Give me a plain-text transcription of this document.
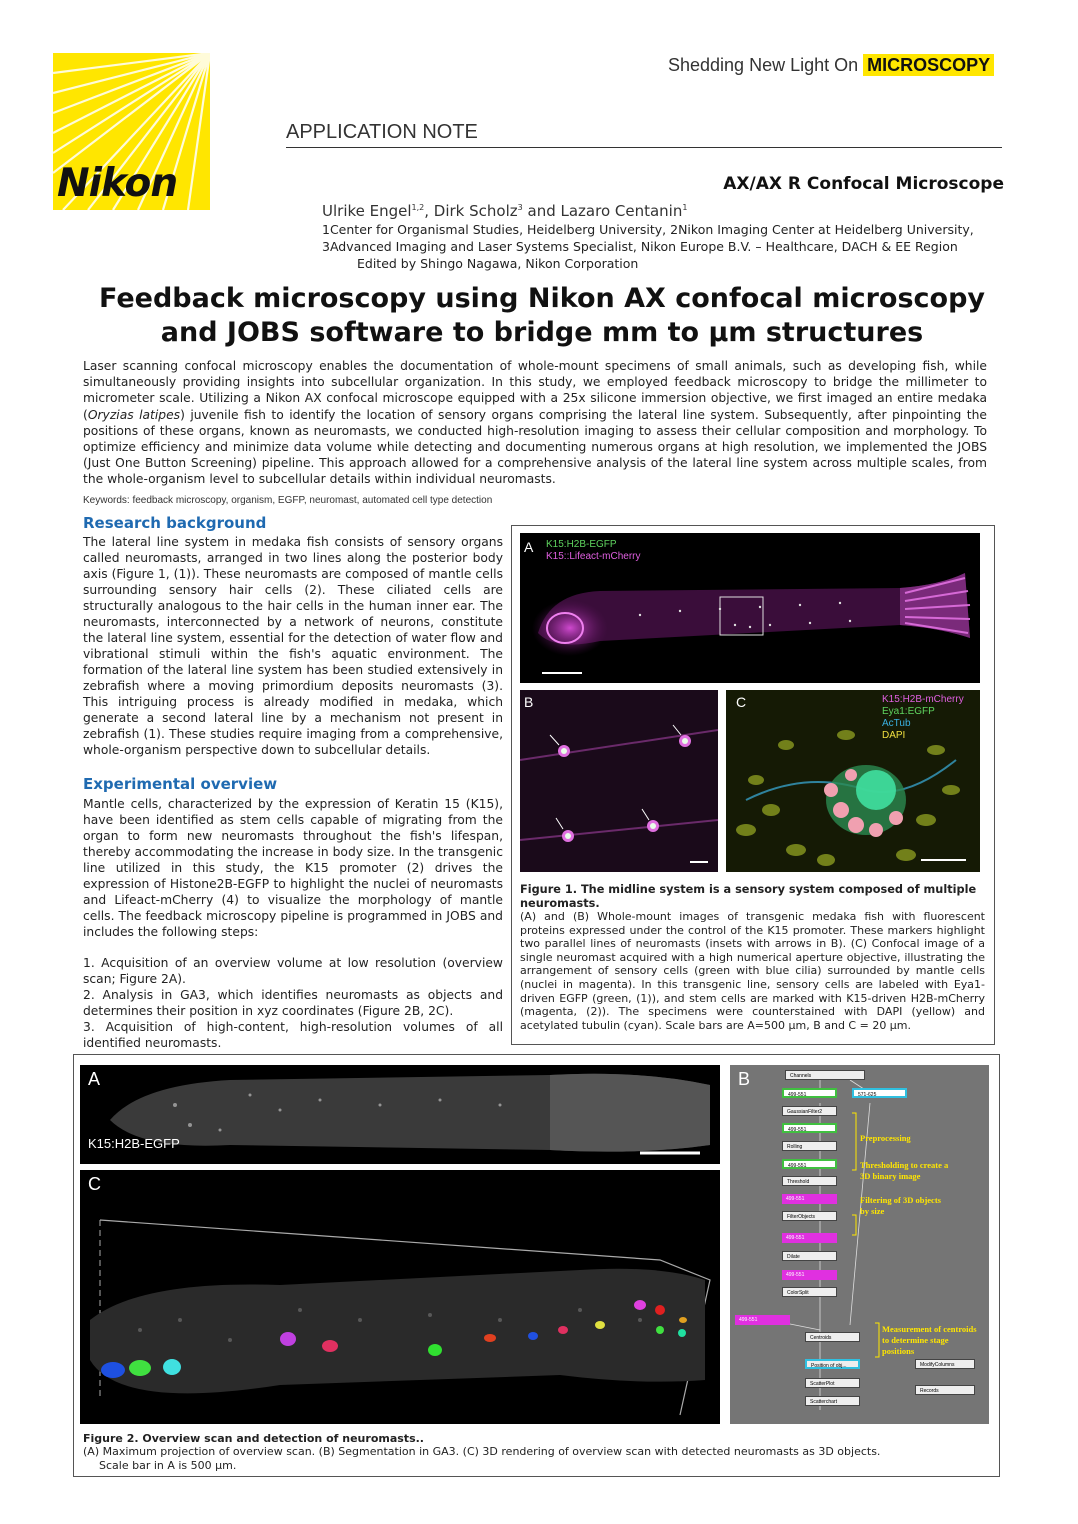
Nikon
Shedding New Light On MICROSCOPY
APPLICATION NOTE
AX/AX R Confocal Microscope
Ulrike Engel$^{1,2}$, Dirk Scholz$^3$ and Lazaro Centanin$^1$
1Center for Organismal Studies, Heidelberg University, 2Nikon Imaging Center at Heidelberg University,
3Advanced Imaging and Laser Systems Specialist, Nikon Europe B.V. – Healthcare, DACH & EE Region
Edited by Shingo Nagawa, Nikon Corporation
Feedback microscopy using Nikon AX confocal microscopy
and JOBS software to bridge mm to µm structures
Laser scanning confocal microscopy enables the documentation of whole-mount specimens of small animals, such as developing fish, while simultaneously providing insights into subcellular organization. In this study, we employed feedback microscopy to bridge the millimeter to micrometer scale. Utilizing a Nikon AX confocal microscope equipped with a 25x silicone immersion objective, we first imaged an entire medaka (Oryzias latipes) juvenile fish to identify the location of sensory organs comprising the lateral line system. Subsequently, after pinpointing the positions of these organs, known as neuromasts, we conducted high-resolution imaging to assess their cellular composition and morphology. To optimize efficiency and minimize data volume while detecting and documenting numerous organs at high resolution, we implemented the JOBS (Just One Button Screening) pipeline. This approach allowed for a comprehensive analysis of the lateral line system across multiple scales, from the whole-organism level to subcellular details within individual neuromasts.
Keywords: feedback microscopy, organism, EGFP, neuromast, automated cell type detection
Research background
The lateral line system in medaka fish consists of sensory organs called neuromasts, arranged in two lines along the posterior body axis (Figure 1, (1)). These neuromasts are composed of mantle cells surrounding sensory hair cells (2). These ciliated cells are structurally analogous to the hair cells in the human inner ear. The neuromasts, interconnected by a network of neurons, constitute the lateral line system, essential for the detection of water flow and vibrational stimuli within the fish's aquatic environment. The formation of the lateral line system has been studied extensively in zebrafish where a moving primordium deposits neuromasts (3). This intriguing process is already modified in medaka, which generate a second lateral line by a mechanism not present in zebrafish (1). These studies require imaging from a comprehensive, whole-organism perspective down to subcellular details.
Experimental overview
Mantle cells, characterized by the expression of Keratin 15 (K15), have been identified as stem cells capable of migrating from the organ to form new neuromasts throughout the fish's lifespan, thereby accommodating the increase in body size. In the transgenic line utilized in this study, the K15 promoter (2) drives the expression of Histone2B-EGFP to highlight the nuclei of neuromasts and Lifeact-mCherry (4) to visualize the morphology of mantle cells. The feedback microscopy pipeline is programmed in JOBS and includes the following steps:
1. Acquisition of an overview volume at low resolution (overview scan; Figure 2A).
2. Analysis in GA3, which identifies neuromasts as objects and determines their position in xyz coordinates (Figure 2B, 2C).
3. Acquisition of high-content, high-resolution volumes of all identified neuromasts.
A K15:H2B-EGFP
K15::Lifeact-mCherry
B	C	K15:H2B-mCherry
Eya1:EGFP
AcTub
DAPI
Figure 1. The midline system is a sensory system composed of multiple neuromasts.
(A) and (B) Whole-mount images of transgenic medaka fish with fluorescent proteins expressed under the control of the K15 promoter. These markers highlight two parallel lines of neuromasts (insets with arrows in B). (C) Confocal image of a single neuromast acquired with a high numerical aperture objective, illustrating the arrangement of sensory cells (green with blue cilia) surrounded by mantle cells (nuclei in magenta). In this transgenic line, sensory cells are labeled with Eya1-driven EGFP (green, (1)), and stem cells are marked with K15-driven H2B-mCherry (magenta, (2)). The specimens were counterstained with DAPI (yellow) and acetylated tubulin (cyan). Scale bars are A=500 µm, B and C = 20 µm.
A
K15:H2B-EGFP
C
B	Channels
499-551	571-625
GaussianFilter2
499-551
Rolling
499-551
Threshold
499-551
FilterObjects
499-551
Dilate
499-551
ColorSplit
499-551
Centroids
Position of obj...
ScatterPlot
ModifyColumns
Records
Scatterchart
Preprocessing
Thresholding to create a
3D binary image
Filtering of 3D objects
by size
Measurement of centroids
to determine stage
positions
Figure 2. Overview scan and detection of neuromasts..
(A) Maximum projection of overview scan. (B) Segmentation in GA3. (C) 3D rendering of overview scan with detected neuromasts as 3D objects.
Scale bar in A is 500 µm.
